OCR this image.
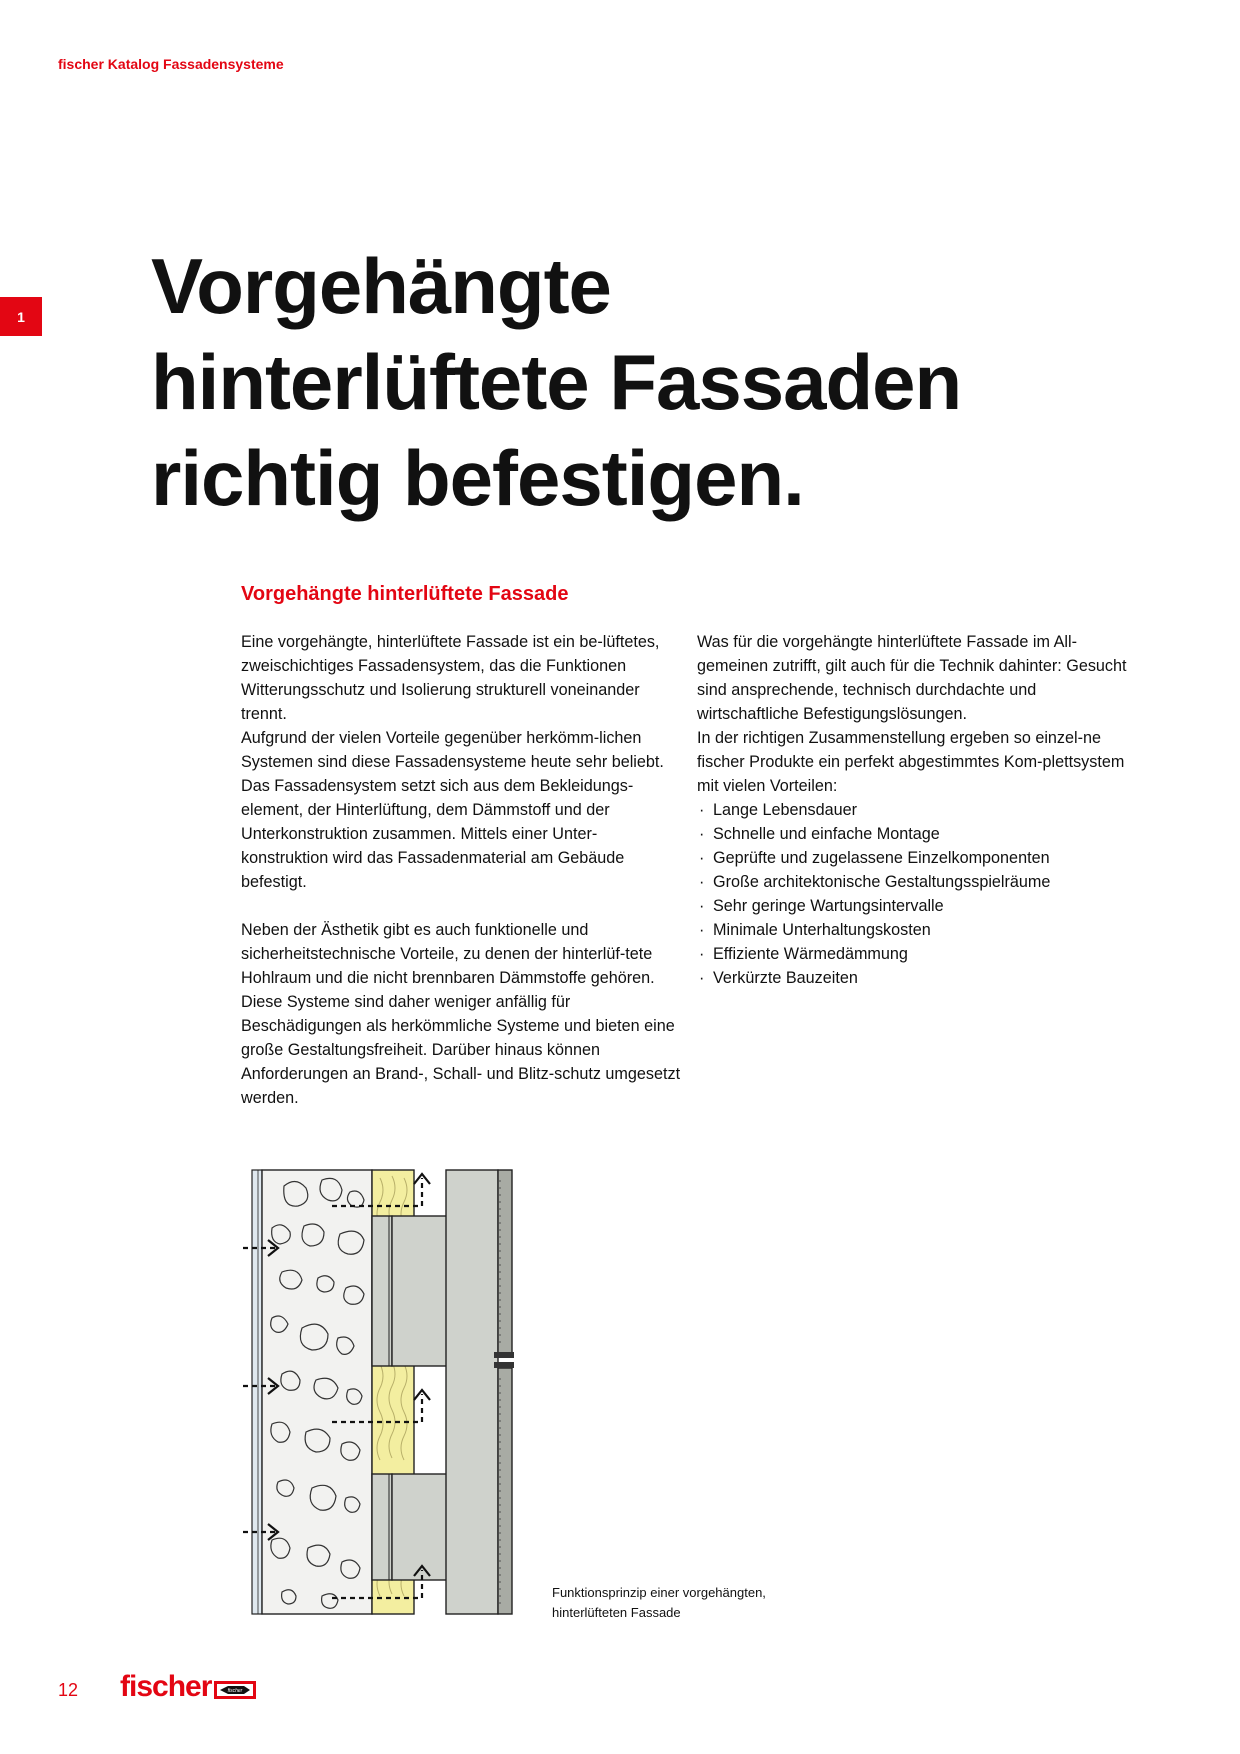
fischer Katalog Fassadensysteme
1 Vorgehängte
hinterlüftete Fassaden
richtig befestigen.
Vorgehängte hinterlüftete Fassade

Eine vorgehängte, hinterlüftete Fassade ist ein be-lüftetes, zweischichtiges Fassadensystem, das die Funktionen Witterungsschutz und Isolierung strukturell voneinander trennt.

Aufgrund der vielen Vorteile gegenüber herkömm-lichen Systemen sind diese Fassadensysteme heute sehr beliebt.

Das Fassadensystem setzt sich aus dem Bekleidungs-element, der Hinterlüftung, dem Dämmstoff und der Unterkonstruktion zusammen. Mittels einer Unter-konstruktion wird das Fassadenmaterial am Gebäude befestigt.

Neben der Ästhetik gibt es auch funktionelle und sicherheitstechnische Vorteile, zu denen der hinterlüf-tete Hohlraum und die nicht brennbaren Dämmstoffe gehören. Diese Systeme sind daher weniger anfällig für Beschädigungen als herkömmliche Systeme und bieten eine große Gestaltungsfreiheit. Darüber hinaus können Anforderungen an Brand-, Schall- und Blitz-schutz umgesetzt werden.

Was für die vorgehängte hinterlüftete Fassade im All-gemeinen zutrifft, gilt auch für die Technik dahinter: Gesucht sind ansprechende, technisch durchdachte und wirtschaftliche Befestigungslösungen.

In der richtigen Zusammenstellung ergeben so einzel-ne fischer Produkte ein perfekt abgestimmtes Kom-plettsystem mit vielen Vorteilen:

· Lange Lebensdauer
· Schnelle und einfache Montage
· Geprüfte und zugelassene Einzelkomponenten
· Große architektonische Gestaltungsspielräume
· Sehr geringe Wartungsintervalle
· Minimale Unterhaltungskosten
· Effiziente Wärmedämmung
· Verkürzte Bauzeiten
Funktionsprinzip einer vorgehängten,
hinterlüfteten Fassade
12 fischer	fischer
